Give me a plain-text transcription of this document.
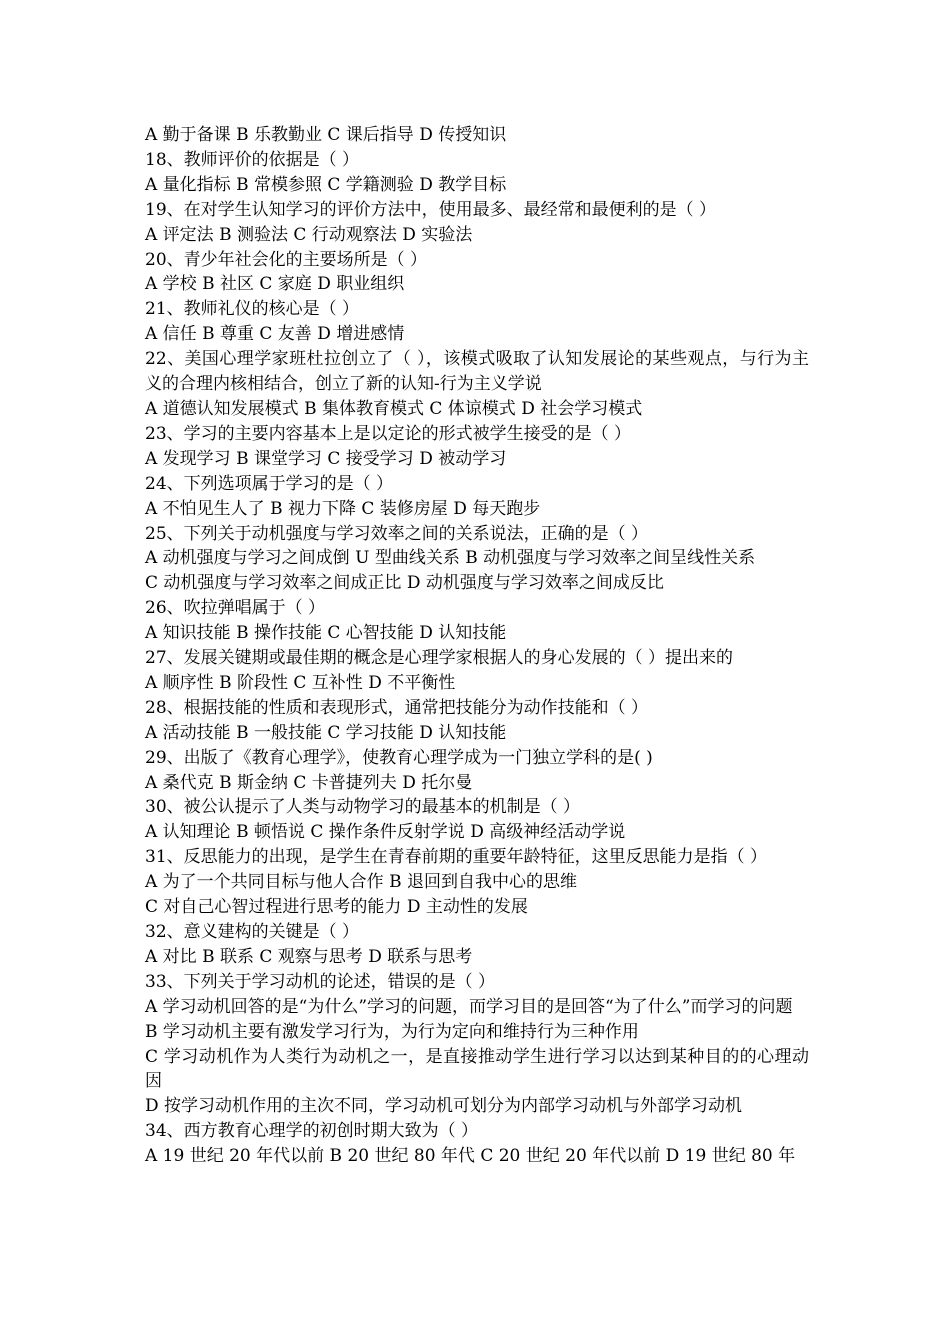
A 勤于备课 B 乐教勤业 C 课后指导 D 传授知识
18、教师评价的依据是（ ）
A 量化指标 B 常模参照 C 学籍测验 D 教学目标
19、在对学生认知学习的评价方法中，使用最多、最经常和最便利的是（ ）
A 评定法 B 测验法 C 行动观察法 D 实验法
20、青少年社会化的主要场所是（ ）
A 学校 B 社区 C 家庭 D 职业组织
21、教师礼仪的核心是（ ）
A 信任 B 尊重 C 友善 D 增进感情
22、美国心理学家班杜拉创立了（ ），该模式吸取了认知发展论的某些观点，与行为主义的合理内核相结合，创立了新的认知-行为主义学说
A 道德认知发展模式 B 集体教育模式 C 体谅模式 D 社会学习模式
23、学习的主要内容基本上是以定论的形式被学生接受的是（ ）
A 发现学习 B 课堂学习 C 接受学习 D 被动学习
24、下列选项属于学习的是（ ）
A 不怕见生人了 B 视力下降 C 装修房屋 D 每天跑步
25、下列关于动机强度与学习效率之间的关系说法，正确的是（ ）
A 动机强度与学习之间成倒 U 型曲线关系 B 动机强度与学习效率之间呈线性关系
C 动机强度与学习效率之间成正比 D 动机强度与学习效率之间成反比
26、吹拉弹唱属于（ ）
A 知识技能 B 操作技能 C 心智技能 D 认知技能
27、发展关键期或最佳期的概念是心理学家根据人的身心发展的（ ）提出来的
A 顺序性 B 阶段性 C 互补性 D 不平衡性
28、根据技能的性质和表现形式，通常把技能分为动作技能和（ ）
A 活动技能 B 一般技能 C 学习技能 D 认知技能
29、出版了《教育心理学》，使教育心理学成为一门独立学科的是( )
A 桑代克 B 斯金纳 C 卡普捷列夫 D 托尔曼
30、被公认提示了人类与动物学习的最基本的机制是（ ）
A 认知理论 B 顿悟说 C 操作条件反射学说 D 高级神经活动学说
31、反思能力的出现，是学生在青春前期的重要年龄特征，这里反思能力是指（ ）
A 为了一个共同目标与他人合作 B 退回到自我中心的思维
C 对自己心智过程进行思考的能力 D 主动性的发展
32、意义建构的关键是（ ）
A 对比 B 联系 C 观察与思考 D 联系与思考
33、下列关于学习动机的论述，错误的是（ ）
A 学习动机回答的是“为什么”学习的问题，而学习目的是回答“为了什么”而学习的问题
B 学习动机主要有激发学习行为，为行为定向和维持行为三种作用
C 学习动机作为人类行为动机之一，是直接推动学生进行学习以达到某种目的的心理动因
D 按学习动机作用的主次不同，学习动机可划分为内部学习动机与外部学习动机
34、西方教育心理学的初创时期大致为（ ）
A 19 世纪 20 年代以前 B 20 世纪 80 年代 C 20 世纪 20 年代以前 D 19 世纪 80 年
